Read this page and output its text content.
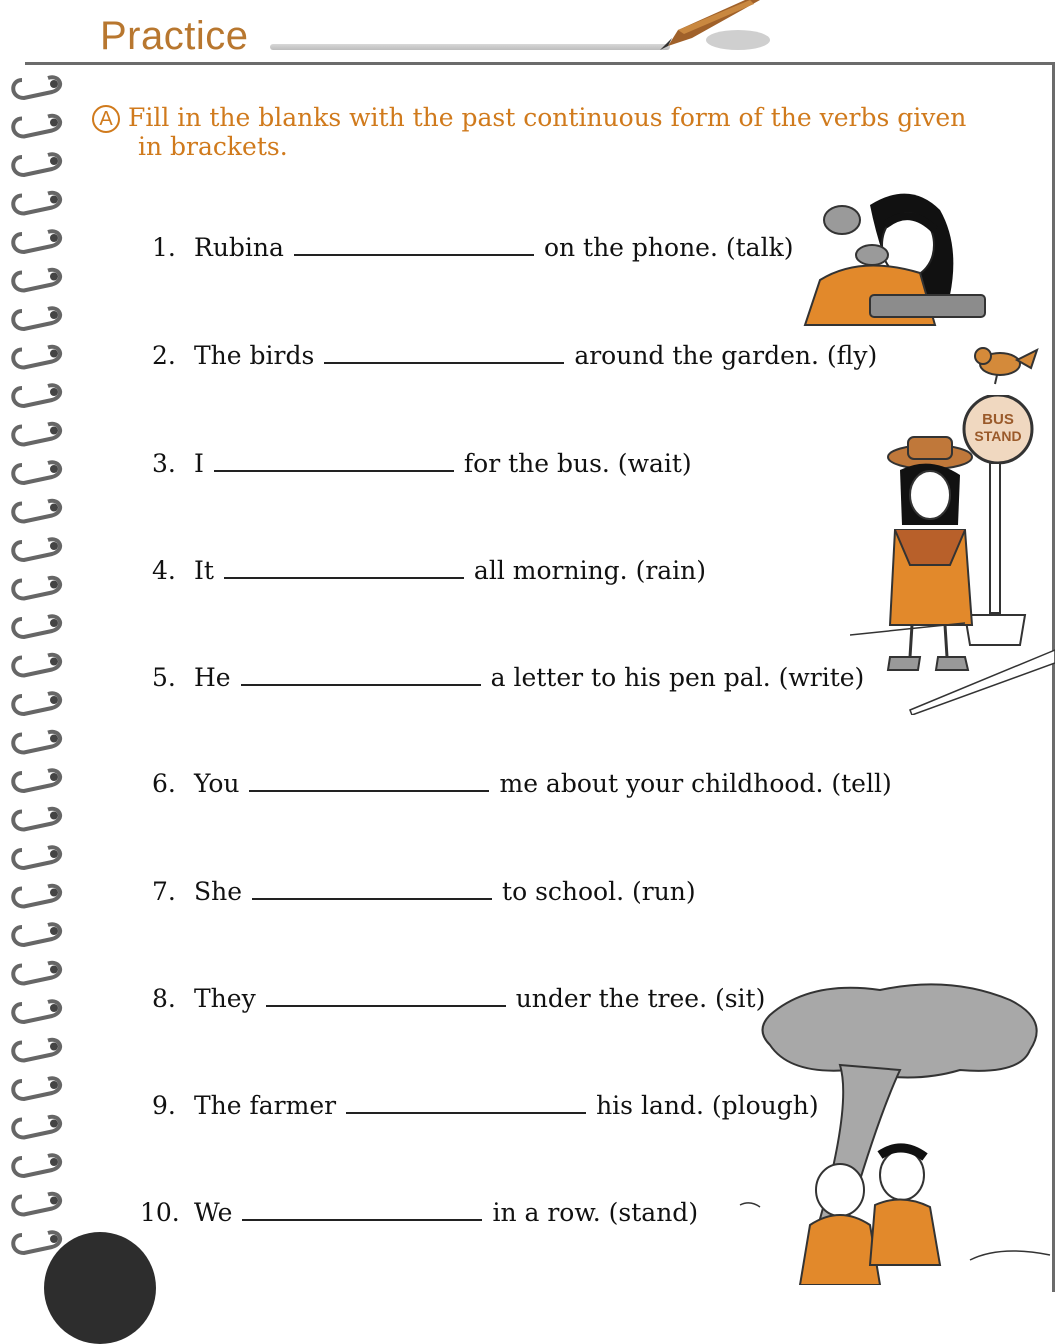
Practice
A Fill in the blanks with the past continuous form of the verbs given
in brackets.
1. Rubina	on the phone. (talk)
2. The birds	around the garden. (fly)
3. I	for the bus. (wait)
4. It	all morning. (rain)
5. He	a letter to his pen pal. (write)
6. You	me about your childhood. (tell)
7. She	to school. (run)
8. They	under the tree. (sit)
9. The farmer	his land. (plough)
10. We	in a row. (stand)
BUS
STAND
